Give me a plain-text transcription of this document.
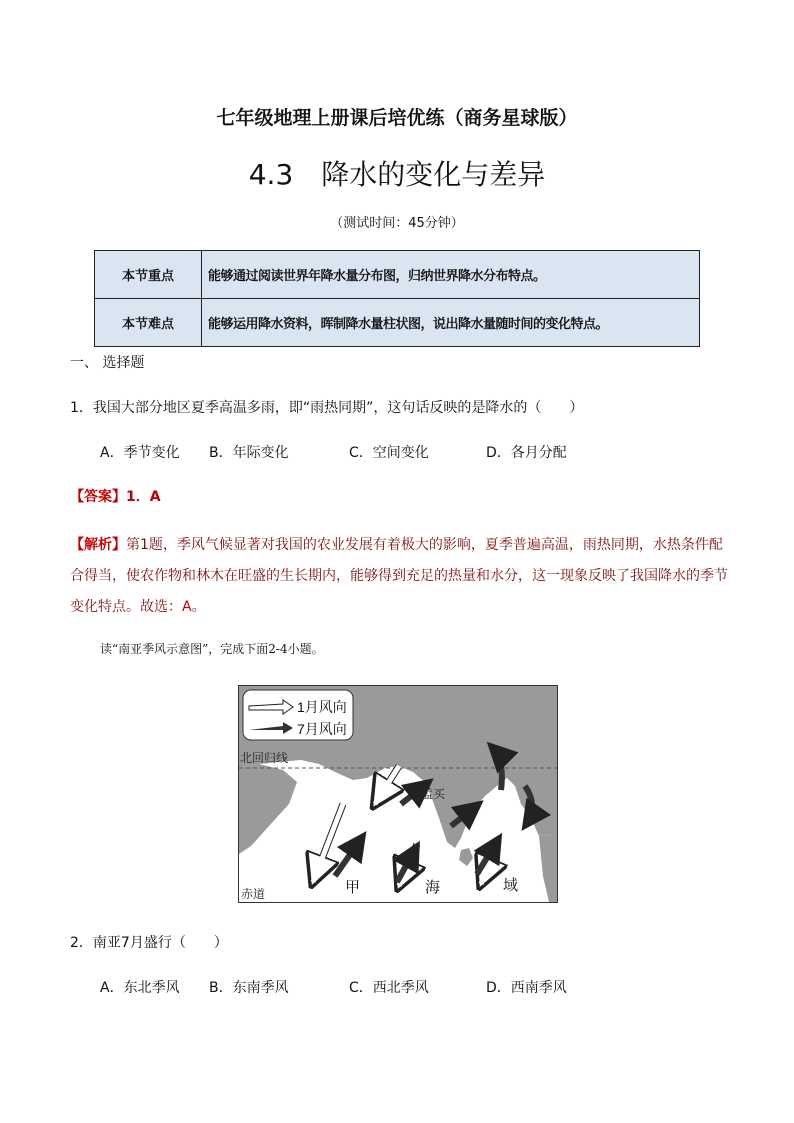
七年级地理上册课后培优练（商务星球版）
4.3　降水的变化与差异
（测试时间：45分钟）
本节重点	能够通过阅读世界年降水量分布图，归纳世界降水分布特点。
本节难点	能够运用降水资料，晖制降水量柱状图，说出降水量随时间的变化特点。
一、 选择题
1．我国大部分地区夏季高温多雨，即“雨热同期”，这句话反映的是降水的（　　）
A．季节变化 B．年际变化	C．空间变化	D．各月分配
【答案】1．A
【解析】第1题，季风气候显著对我国的农业发展有着极大的影响，夏季普遍高温，雨热同期，水热条件配合得当，使农作物和林木在旺盛的生长期内，能够得到充足的热量和水分，这一现象反映了我国降水的季节变化特点。故选：A。
读“南亚季风示意图”，完成下面2-4小题。
1月风向
7月风向
北回归线
赤道
孟买
甲	海	域
2．南亚7月盛行（　　）
A．东北季风 B．东南季风	C．西北季风	D．西南季风
